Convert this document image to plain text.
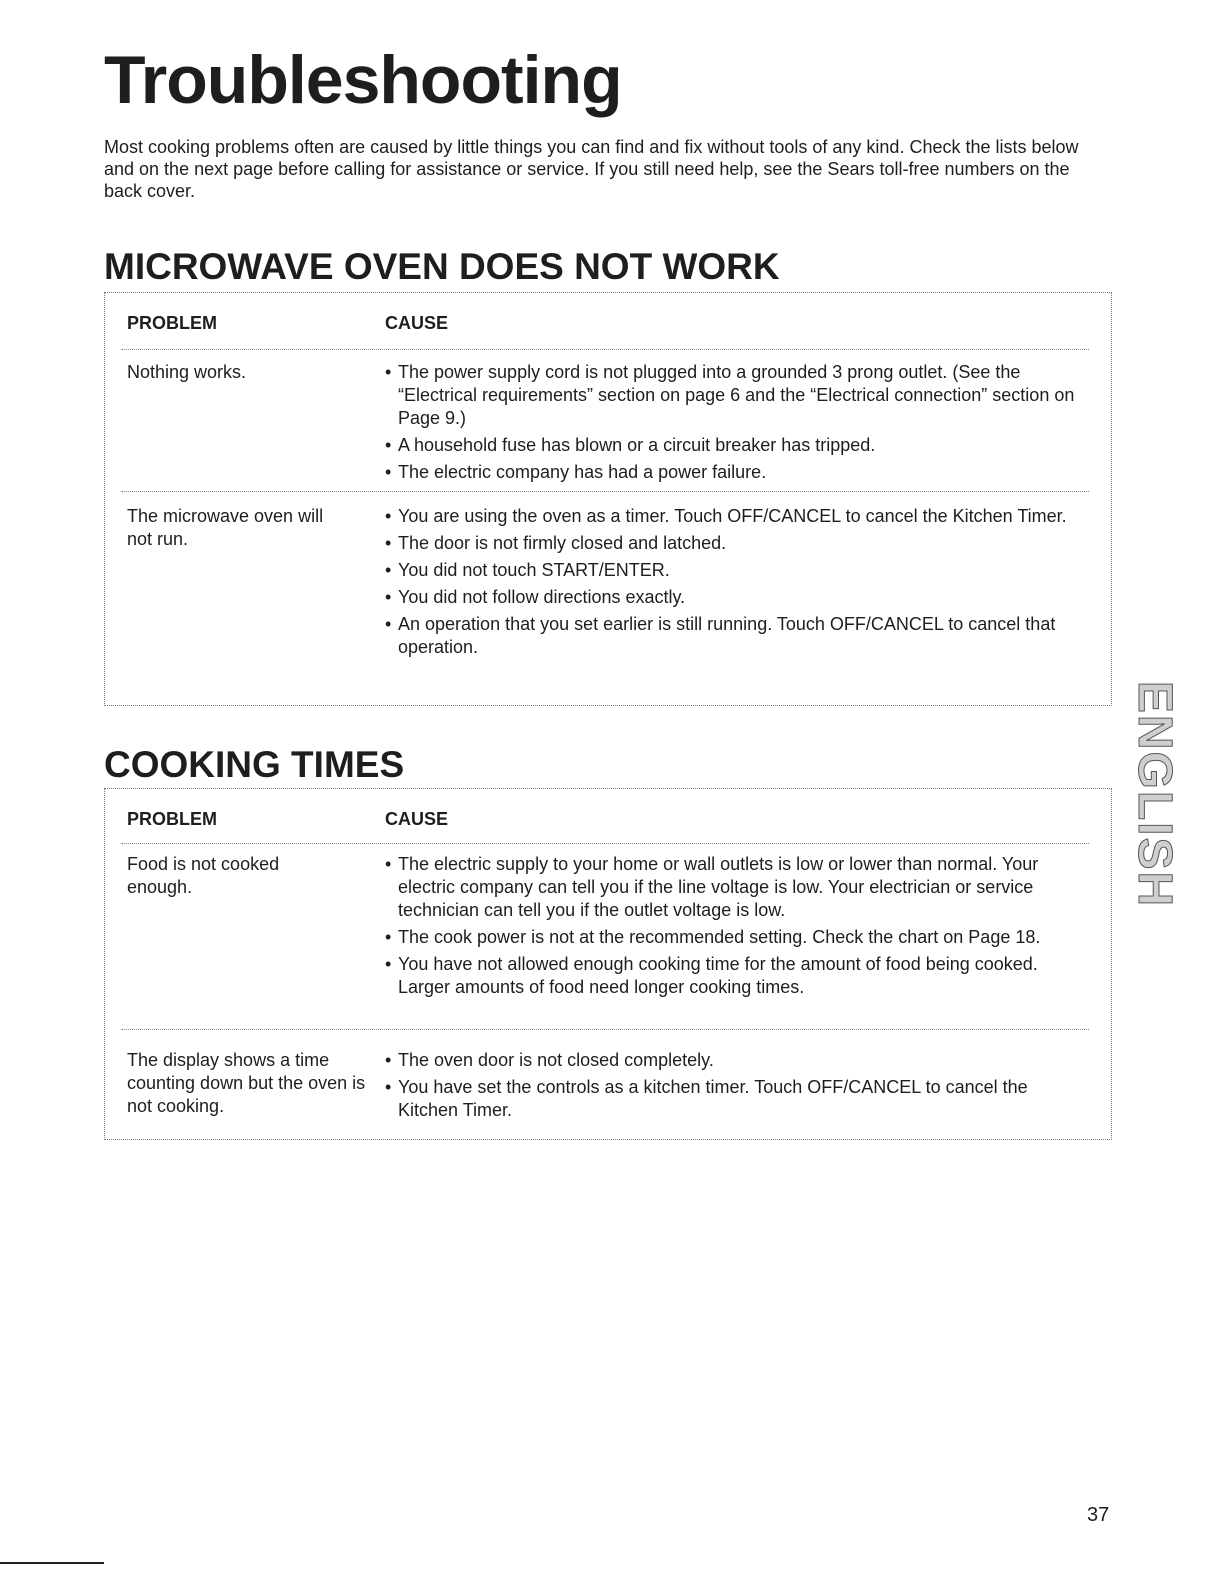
Troubleshooting

Most cooking problems often are caused by little things you can find and fix without tools of any kind. Check the lists below and on the next page before calling for assistance or service. If you still need help, see the Sears toll-free numbers on the back cover.

MICROWAVE OVEN DOES NOT WORK
PROBLEM	CAUSE
Nothing works.
•	The power supply cord is not plugged into a grounded 3 prong outlet. (See the “Electrical requirements” section on page 6 and the “Electrical connection” section on Page 9.)
• A household fuse has blown or a circuit breaker has tripped.
• The electric company has had a power failure.
The microwave oven will not run.
• You are using the oven as a timer. Touch OFF/CANCEL to cancel the Kitchen Timer.
• The door is not firmly closed and latched.
• You did not touch START/ENTER.
• You did not follow directions exactly.
• An operation that you set earlier is still running. Touch OFF/CANCEL to cancel that operation.
COOKING TIMES
PROBLEM	CAUSE
Food is not cooked enough.
• The electric supply to your home or wall outlets is low or lower than normal. Your electric company can tell you if the line voltage is low. Your electrician or service technician can tell you if the outlet voltage is low.
• The cook power is not at the recommended setting. Check the chart on Page 18.
• You have not allowed enough cooking time for the amount of food being cooked. Larger amounts of food need longer cooking times.
The display shows a time counting down but the oven is not cooking.
• The oven door is not closed completely.
• You have set the controls as a kitchen timer. Touch OFF/CANCEL to cancel the Kitchen Timer.
ENGLISH
37
